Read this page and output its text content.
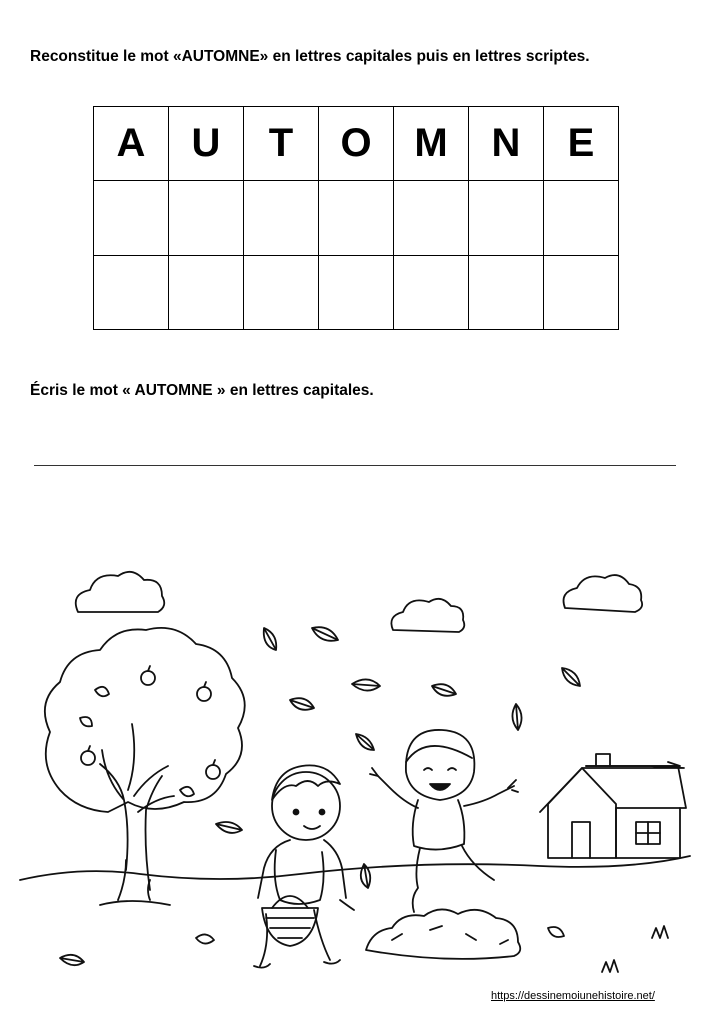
Reconstitue le mot «AUTOMNE» en lettres capitales puis en lettres scriptes.
A	U	T	O	M	N	E

Écris le mot « AUTOMNE » en lettres capitales.
https://dessinemoiunehistoire.net/
